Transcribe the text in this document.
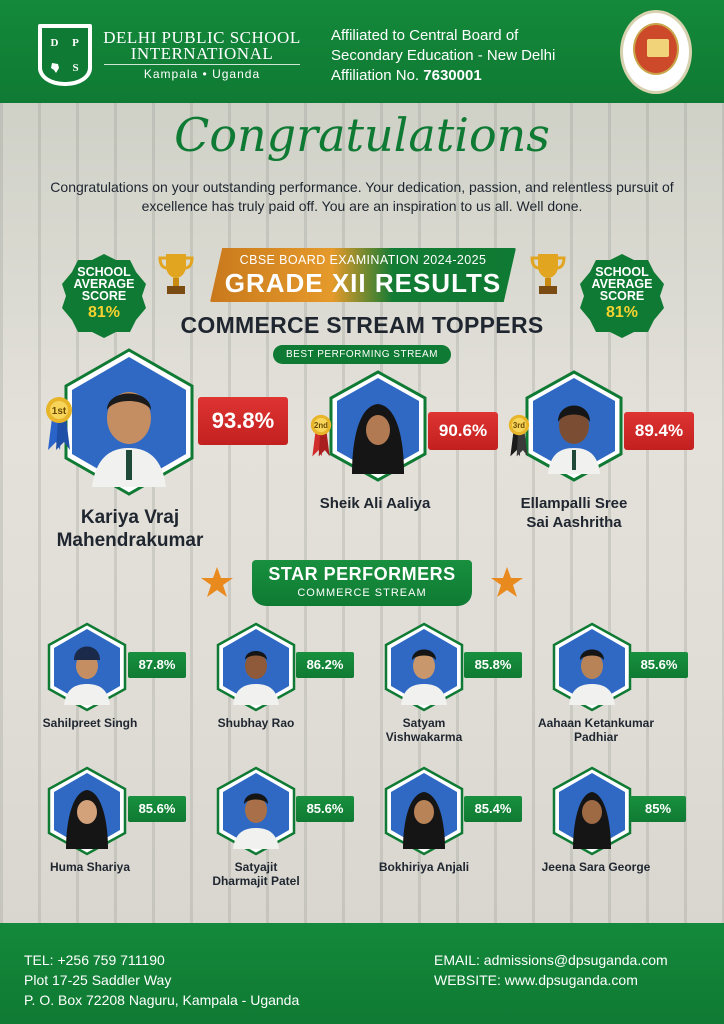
D	P
S
DELHI PUBLIC SCHOOL INTERNATIONAL
Kampala • Uganda
Affiliated to Central Board of
Secondary Education - New Delhi
Affiliation No. 7630001
Congratulations
Congratulations on your outstanding performance. Your dedication, passion, and relentless pursuit of excellence has truly paid off. You are an inspiration to us all. Well done.
SCHOOL
AVERAGE
SCORE
81%
SCHOOL
AVERAGE
SCORE
81%
CBSE BOARD EXAMINATION 2024-2025
GRADE XII RESULTS
COMMERCE STREAM TOPPERS
BEST PERFORMING STREAM
1st	93.8%
Kariya Vraj
Mahendrakumar
2nd	90.6%
Sheik Ali Aaliya
3rd	89.4%
Ellampalli Sree
Sai Aashritha
STAR PERFORMERS
COMMERCE STREAM
87.8%
Sahilpreet Singh
86.2%
Shubhay Rao
85.8%
Satyam
Vishwakarma
85.6%
Aahaan Ketankumar
Padhiar
85.6%
Huma Shariya
85.6%
Satyajit
Dharmajit Patel
85.4%
Bokhiriya Anjali
85%
Jeena Sara George
TEL: +256 759 711190
Plot 17-25 Saddler Way
P. O. Box 72208 Naguru, Kampala - Uganda
EMAIL: admissions@dpsuganda.com
WEBSITE: www.dpsuganda.com
